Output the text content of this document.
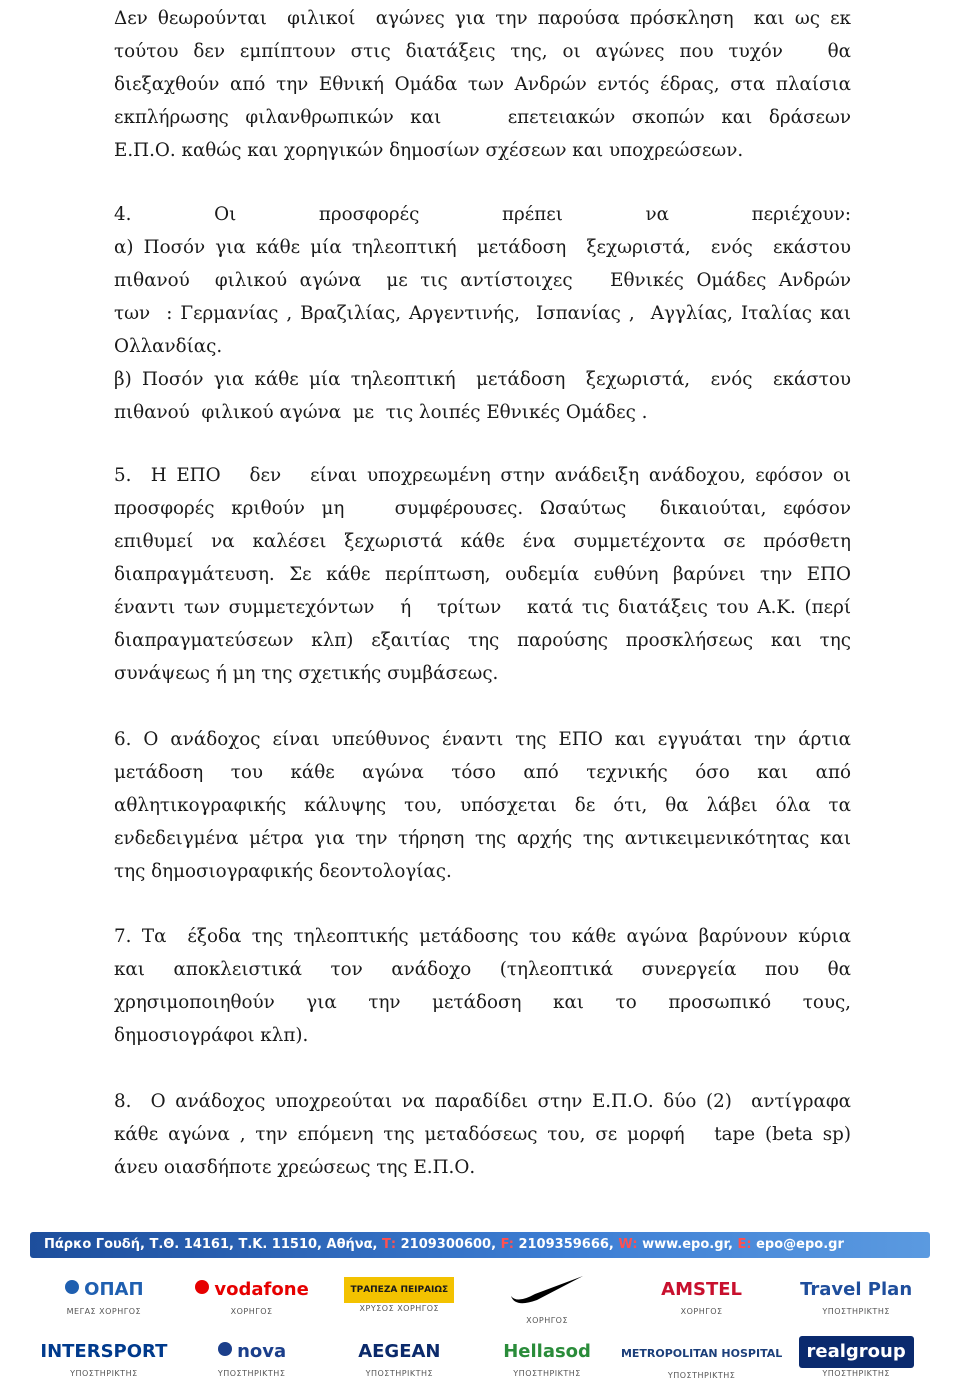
Δεν θεωρούνται  φιλικοί  αγώνες για την παρούσα πρόσκληση  και ως εκ
τούτου δεν εμπίπτουν στις διατάξεις της, οι αγώνες που τυχόν   θα
διεξαχθούν από την Εθνική Ομάδα των Ανδρών εντός έδρας, στα πλαίσια
εκπλήρωσης φιλανθρωπικών και    επετειακών σκοπών και δράσεων
Ε.Π.Ο. καθώς και χορηγικών δημοσίων σχέσεων και υποχρεώσεων.
4. Οι προσφορές πρέπει να περιέχουν:
α) Ποσόν για κάθε μία τηλεοπτική  μετάδοση  ξεχωριστά,  ενός  εκάστου
πιθανού  φιλικού αγώνα  με τις αντίστοιχες   Εθνικές Ομάδες Ανδρών
των  : Γερμανίας , Βραζιλίας, Αργεντινής,  Ισπανίας ,  Αγγλίας, Ιταλίας και
Ολλανδίας.
β) Ποσόν για κάθε μία τηλεοπτική  μετάδοση  ξεχωριστά,  ενός  εκάστου
πιθανού  φιλικού αγώνα  με  τις λοιπές Εθνικές Ομάδες .
5.  Η ΕΠΟ   δεν   είναι υποχρεωμένη στην ανάδειξη ανάδοχου, εφόσον οι
προσφορές κριθούν μη   συμφέρουσες. Ωσαύτως  δικαιούται, εφόσον
επιθυμεί να καλέσει ξεχωριστά κάθε ένα συμμετέχοντα σε πρόσθετη
διαπραγμάτευση. Σε κάθε περίπτωση, ουδεμία ευθύνη βαρύνει την ΕΠΟ
έναντι των συμμετεχόντων   ή   τρίτων   κατά τις διατάξεις του Α.Κ. (περί
διαπραγματεύσεων κλπ) εξαιτίας της παρούσης προσκλήσεως και της
συνάψεως ή μη της σχετικής συμβάσεως.
6. Ο ανάδοχος είναι υπεύθυνος έναντι της ΕΠΟ και εγγυάται την άρτια
μετάδοση   του   κάθε   αγώνα   τόσο   από   τεχνικής   όσο   και   από
αθλητικογραφικής κάλυψης του, υπόσχεται δε ότι, θα λάβει όλα τα
ενδεδειγμένα μέτρα για την τήρηση της αρχής της αντικειμενικότητας και
της δημοσιογραφικής δεοντολογίας.
7. Τα  έξοδα της τηλεοπτικής μετάδοσης του κάθε αγώνα βαρύνουν κύρια
και   αποκλειστικά   τον   ανάδοχο   (τηλεοπτικά   συνεργεία   που   θα
χρησιμοποιηθούν   για   την   μετάδοση   και   το   προσωπικό   τους,
δημοσιογράφοι κλπ).
8.  Ο ανάδοχος υποχρεούται να παραδίδει στην Ε.Π.Ο. δύο (2)  αντίγραφα
κάθε αγώνα , την επόμενη της μεταδόσεως του, σε μορφή   tape (beta sp)
άνευ οιασδήποτε χρεώσεως της Ε.Π.Ο.
Πάρκο Γουδή, Τ.Θ. 14161, Τ.Κ. 11510, Αθήνα, Τ: 2109300600, F: 2109359666, W: www.epo.gr, E: epo@epo.gr
ΟΠΑΠ
ΜΕΓΑΣ ΧΟΡΗΓΟΣ
vodafone
ΧΟΡΗΓΟΣ
ΤΡΑΠΕΖΑ ΠΕΙΡΑΙΩΣ
ΧΡΥΣΟΣ ΧΟΡΗΓΟΣ
ΧΟΡΗΓΟΣ
AMSTEL
ΧΟΡΗΓΟΣ
Travel Plan
ΥΠΟΣΤΗΡΙΚΤΗΣ
INTERSPORT
ΥΠΟΣΤΗΡΙΚΤΗΣ
nova
ΥΠΟΣΤΗΡΙΚΤΗΣ
AEGEAN
ΥΠΟΣΤΗΡΙΚΤΗΣ
Hellasod
ΥΠΟΣΤΗΡΙΚΤΗΣ
METROPOLITAN HOSPITAL
ΥΠΟΣΤΗΡΙΚΤΗΣ
realgroup
ΥΠΟΣΤΗΡΙΚΤΗΣ
